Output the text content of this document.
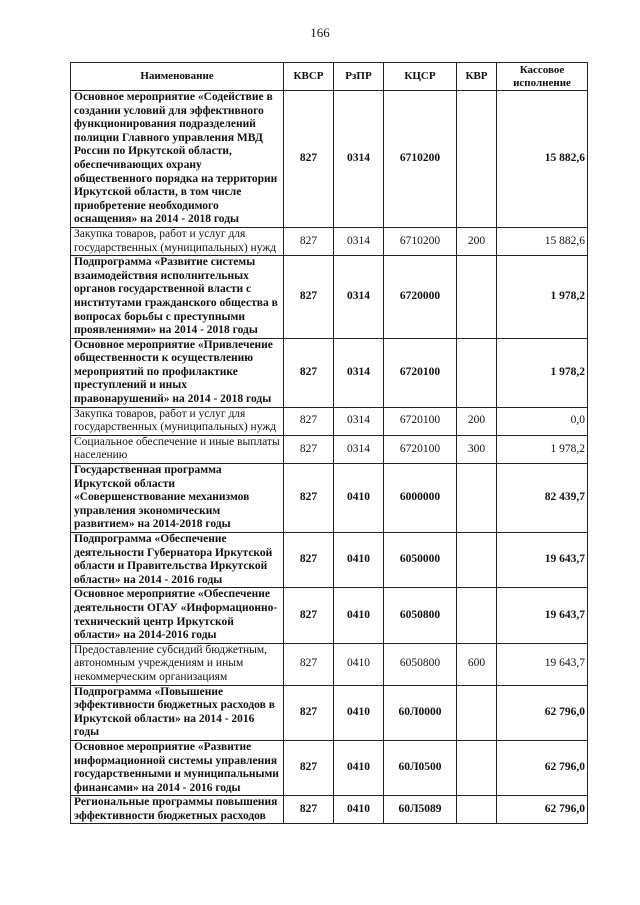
166
Наименование	КВСР	РзПР	КЦСР	КВР	Кассовое исполнение
Основное мероприятие «Содействие в создании условий для эффективного функционирования подразделений полиции Главного управления МВД России по Иркутской области, обеспечивающих охрану общественного порядка на территории Иркутской области, в том числе приобретение необходимого оснащения» на 2014 - 2018 годы	827	0314	6710200		15 882,6
Закупка товаров, работ и услуг для государственных (муниципальных) нужд	827	0314	6710200	200	15 882,6
Подпрограмма «Развитие системы взаимодействия исполнительных органов государственной власти с институтами гражданского общества в вопросах борьбы с преступными проявлениями» на 2014 - 2018 годы	827	0314	6720000		1 978,2
Основное мероприятие «Привлечение общественности к осуществлению мероприятий по профилактике преступлений и иных правонарушений» на 2014 - 2018 годы	827	0314	6720100		1 978,2
Закупка товаров, работ и услуг для государственных (муниципальных) нужд	827	0314	6720100	200	0,0
Социальное обеспечение и иные выплаты населению	827	0314	6720100	300	1 978,2
Государственная программа Иркутской области «Совершенствование механизмов управления экономическим развитием» на 2014-2018 годы	827	0410	6000000		82 439,7
Подпрограмма «Обеспечение деятельности Губернатора Иркутской области и Правительства Иркутской области» на 2014 - 2016 годы	827	0410	6050000		19 643,7
Основное мероприятие «Обеспечение деятельности ОГАУ «Информационно-технический центр Иркутской области» на 2014-2016 годы	827	0410	6050800		19 643,7
Предоставление субсидий бюджетным, автономным учреждениям и иным некоммерческим организациям	827	0410	6050800	600	19 643,7
Подпрограмма «Повышение эффективности бюджетных расходов в Иркутской области» на 2014 - 2016 годы	827	0410	60Л0000		62 796,0
Основное мероприятие «Развитие информационной системы управления государственными и муниципальными финансами» на 2014 - 2016 годы	827	0410	60Л0500		62 796,0
Региональные программы повышения эффективности бюджетных расходов	827	0410	60Л5089		62 796,0
